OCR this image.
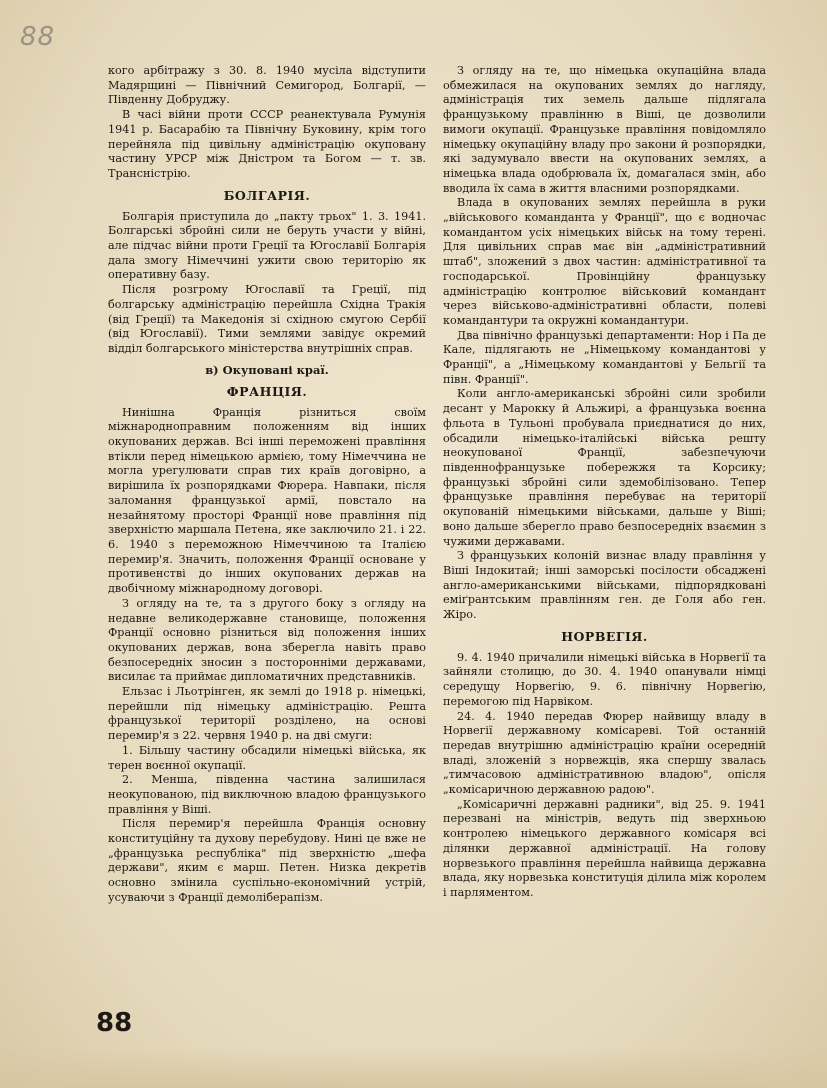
88

кого арбітражу з 30. 8. 1940 мусіла відступити Мадярщині — Північний Семигород, Болгарії, — Південну Добруджу.

В часі війни проти СССР реанектувала Румунія 1941 р. Басарабію та Північну Буковину, крім того перейняла під цивільну адміністрацію окуповану частину УРСР між Дністром та Богом — т. зв. Трансністрію.

БОЛГАРІЯ.

Болгарія приступила до „пакту трьох" 1. 3. 1941. Болгарські збройні сили не беруть участи у війні, але підчас війни проти Греції та Югославії Болгарія дала змогу Німеччині ужити свою територію як оперативну базу.

Після розгрому Югославії та Греції, під болгарську адміністрацію перейшла Східна Тракія (від Греції) та Македонія зі східною смугою Сербії (від Югославії). Тими землями завідує окремий відділ болгарського міністерства внутрішніх справ.

в) Окуповані краї.
ФРАНЦІЯ.

Нинішна Франція різниться своїм міжнародноправним положенням від інших окупованих держав. Всі інші переможені правління втікли перед німецькою армією, тому Німеччина не могла урегулювати справ тих країв договірно, а вирішила їх розпорядками Фюрера. Навпаки, після заломання французької армії, повстало на незайнятому просторі Франції нове правління під зверхністю маршала Петена, яке заключило 21. і 22. 6. 1940 з переможною Німеччиною та Італією перемир'я. Значить, положення Франції основане у противенстві до інших окупованих держав на двобічному міжнародному договорі.

З огляду на те, та з другого боку з огляду на недавне великодержавне становище, положення Франції основно різниться від положення інших окупованих держав, вона зберегла навіть право безпосередніх зносин з посторонніми державами, висилає та приймає дипломатичних представників.

Ельзас і Льотрінген, як землі до 1918 р. німецькі, перейшли під німецьку адміністрацію. Решта французької території розділено, на основі перемир'я з 22. червня 1940 р. на дві смуги:

1. Більшу частину обсадили німецькі війська, як терен воєнної окупації.

2. Менша, південна частина залишилася неокупованою, під виключною владою французького правління у Віші.

Після перемир'я перейшла Франція основну конституційну та духову перебудову. Нині це вже не „французька республіка" під зверхністю „шефа держави", яким є марш. Петен. Низка декретів основно змінила суспільно-економічний устрій, усуваючи з Франції демоліберапізм.

З огляду на те, що німецька окупаційна влада обмежилася на окупованих землях до нагляду, адміністрація тих земель дальше підлягала французькому правлінню в Віші, це дозволили вимоги окупації. Французьке правління повідомляло німецьку окупаційну владу про закони й розпорядки, які задумувало ввести на окупованих землях, а німецька влада одобрювала їх, домагалася змін, або вводила їх сама в життя власними розпорядками.

Влада в окупованих землях перейшла в руки „військового команданта у Франції", що є водночас командантом усіх німецьких військ на тому терені. Для цивільних справ має він „адміністративний штаб", зложений з двох частин: адміністративної та господарської. Провінційну французьку адміністрацію контролює військовий командант через військово-адміністративні области, полеві командантури та окружні командантури.

Два північно французькі департаменти: Нор і Па де Кале, підлягають не „Німецькому командантові у Франції", а „Німецькому командантові у Бельгії та півн. Франції".

Коли англо-американські збройні сили зробили десант у Марокку й Альжирі, а французька воєнна фльота в Тульоні пробувала приєднатися до них, обсадили німецько-італійські війська решту неокупованої Франції, забезпечуючи південнофранцузьке побережжя та Корсику; французькі збройні сили здемобілізовано. Тепер французьке правління перебуває на території окупованій німецькими військами, дальше у Віші; воно дальше зберегло право безпосередніх взаємин з чужими державами.

З французьких колоній визнає владу правління у Віші Індокитай; інші заморські посілости обсаджені англо-американськими військами, підпорядковані еміґрантським правлінням ген. де Голя або ген. Жіро.

НОРВЕГІЯ.

9. 4. 1940 причалили німецькі війська в Норвегії та зайняли столицю, до 30. 4. 1940 опанували німці середущу Норвегію, 9. 6. північну Норвегію, перемогою під Нарвіком.

24. 4. 1940 передав Фюрер найвищу владу в Норвегії державному комісареві. Той останній передав внутрішню адміністрацію країни осередній владі, зложеній з норвежців, яка спершу звалась „тимчасовою адміністративною владою", опісля „комісаричною державною радою".

„Комісаричні державні радники", від 25. 9. 1941 перезвані на міністрів, ведуть під зверхньою контролею німецького державного комісаря всі ділянки державної адміністрації. На голову норвезького правління перейшла найвища державна влада, яку норвезька конституція ділила між королем і парляментом.

88
